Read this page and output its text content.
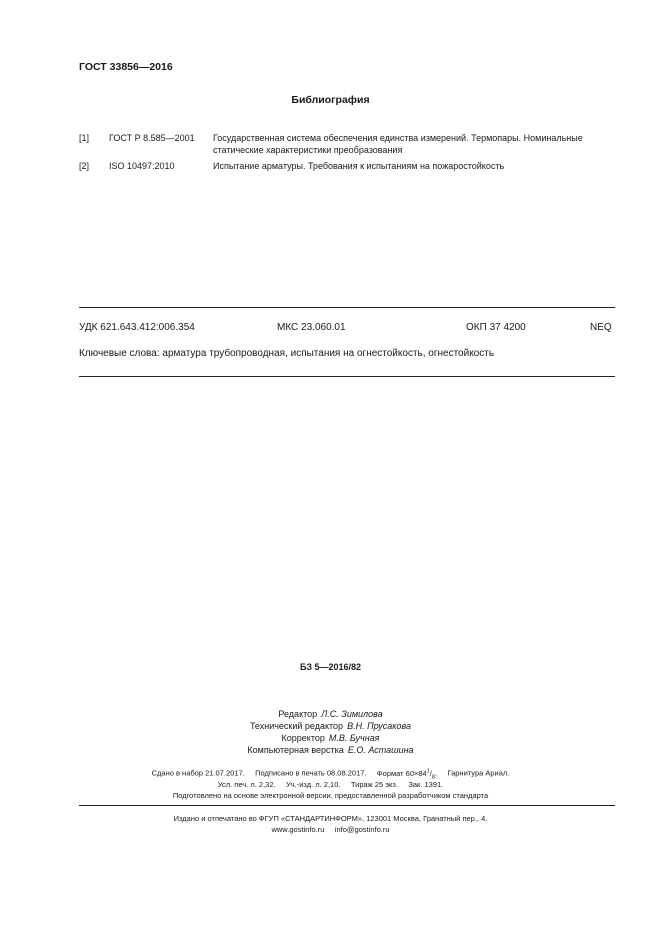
ГОСТ 33856—2016
Библиография
[1]	ГОСТ Р 8.585—2001	Государственная система обеспечения единства измерений. Термопары. Номинальные статические характеристики преобразования
[2]	ISO 10497:2010	Испытание арматуры. Требования к испытаниям на пожаростойкость
УДК 621.643.412:006.354	МКС 23.060.01	ОКП 37 4200	NEQ
Ключевые слова: арматура трубопроводная, испытания на огнестойкость, огнестойкость
БЗ 5—2016/82
Редактор Л.С. Зимилова
Технический редактор В.Н. Прусакова
Корректор М.В. Бучная
Компьютерная верстка Е.О. Асташина
Сдано в набор 21.07.2017. Подписано в печать 08.08.2017. Формат $60\times 84^1/_8$. Гарнитура Ариал.
Усл. печ. л. 2,32.     Уч.-изд. л. 2,10.     Тираж 25 экз.     Зак. 1391.
Подготовлено на основе электронной версии, предоставленной разработчиком стандарта
Издано и отпечатано во ФГУП «СТАНДАРТИНФОРМ», 123001 Москва, Гранатный пер., 4.
www.gostinfo.ru     info@gostinfo.ru
